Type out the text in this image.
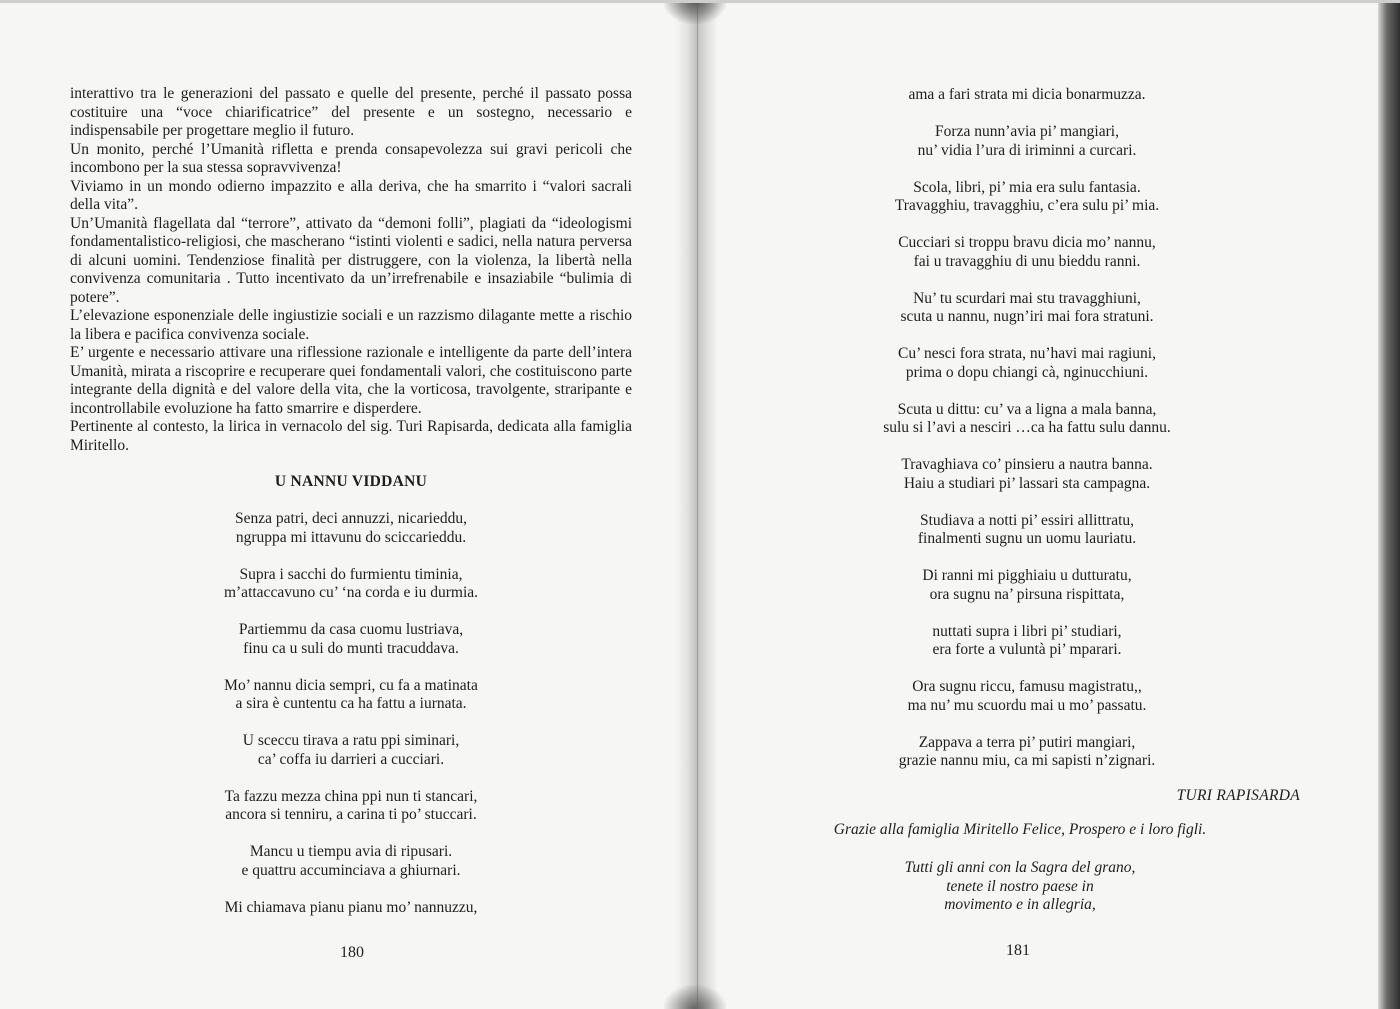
interattivo tra le generazioni del passato e quelle del presente, perché il passato possa costituire una “voce chiarificatrice” del presente e un sostegno, necessario e indispensabile per progettare meglio il futuro.

Un monito, perché l’Umanità rifletta e prenda consapevolezza sui gravi pericoli che incombono per la sua stessa sopravvivenza!

Viviamo in un mondo odierno impazzito e alla deriva, che ha smarrito i “valori sacrali della vita”.

Un’Umanità flagellata dal “terrore”, attivato da “demoni folli”, plagiati da “ideologismi fondamentalistico-religiosi, che mascherano “istinti violenti e sadici, nella natura perversa di alcuni uomini. Tendenziose finalità per distruggere, con la violenza, la libertà nella convivenza comunitaria . Tutto incentivato da un’irrefrenabile e insaziabile “bulimia di potere”.

L’elevazione esponenziale delle ingiustizie sociali e un razzismo dilagante mette a rischio la libera e pacifica convivenza sociale.

E’ urgente e necessario attivare una riflessione razionale e intelligente da parte dell’intera Umanità, mirata a riscoprire e recuperare quei fondamentali valori, che costituiscono parte integrante della dignità e del valore della vita, che la vorticosa, travolgente, straripante e incontrollabile evoluzione ha fatto smarrire e disperdere.

Pertinente al contesto, la lirica in vernacolo del sig. Turi Rapisarda, dedicata alla famiglia Miritello.

U NANNU VIDDANU
Senza patri, deci annuzzi, nicarieddu,
ngruppa mi ittavunu do sciccarieddu.
Supra i sacchi do furmientu timinia,
m’attaccavuno cu’ ‘na corda e iu durmia.
Partiemmu da casa cuomu lustriava,
finu ca u suli do munti tracuddava.
Mo’ nannu dicia sempri, cu fa a matinata
a sira è cuntentu ca ha fattu a iurnata.
U sceccu tirava a ratu ppi siminari,
ca’ coffa iu darrieri a cucciari.
Ta fazzu mezza china ppi nun ti stancari,
ancora si tenniru, a carina ti po’ stuccari.
Mancu u tiempu avia di ripusari.
e quattru accuminciava a ghiurnari.
Mi chiamava pianu pianu mo’ nannuzzu,
180
ama a fari strata mi dicia bonarmuzza.
Forza nunn’avia pi’ mangiari,
nu’ vidia l’ura di iriminni a curcari.
Scola, libri, pi’ mia era sulu fantasia.
Travagghiu, travagghiu, c’era sulu pi’ mia.
Cucciari si troppu bravu dicia mo’ nannu,
fai u travagghiu di unu bieddu ranni.
Nu’ tu scurdari mai stu travagghiuni,
scuta u nannu, nugn’iri mai fora stratuni.
Cu’ nesci fora strata, nu’havi mai ragiuni,
prima o dopu chiangi cà, nginucchiuni.
Scuta u dittu: cu’ va a ligna a mala banna,
sulu si l’avi a nesciri …ca ha fattu sulu dannu.
Travaghiava co’ pinsieru a nautra banna.
Haiu a studiari pi’ lassari sta campagna.
Studiava a notti pi’ essiri allittratu,
finalmenti sugnu un uomu lauriatu.
Di ranni mi pigghiaiu u dutturatu,
ora sugnu na’ pirsuna rispittata,
nuttati supra i libri pi’ studiari,
era forte a vuluntà pi’ mparari.
Ora sugnu riccu, famusu magistratu,,
ma nu’ mu scuordu mai u mo’ passatu.
Zappava a terra pi’ putiri mangiari,
grazie nannu miu, ca mi sapisti n’zignari.
TURI RAPISARDA
Grazie alla famiglia Miritello Felice, Prospero e i loro figli.
Tutti gli anni con la Sagra del grano,
tenete il nostro paese in
movimento e in allegria,
181
